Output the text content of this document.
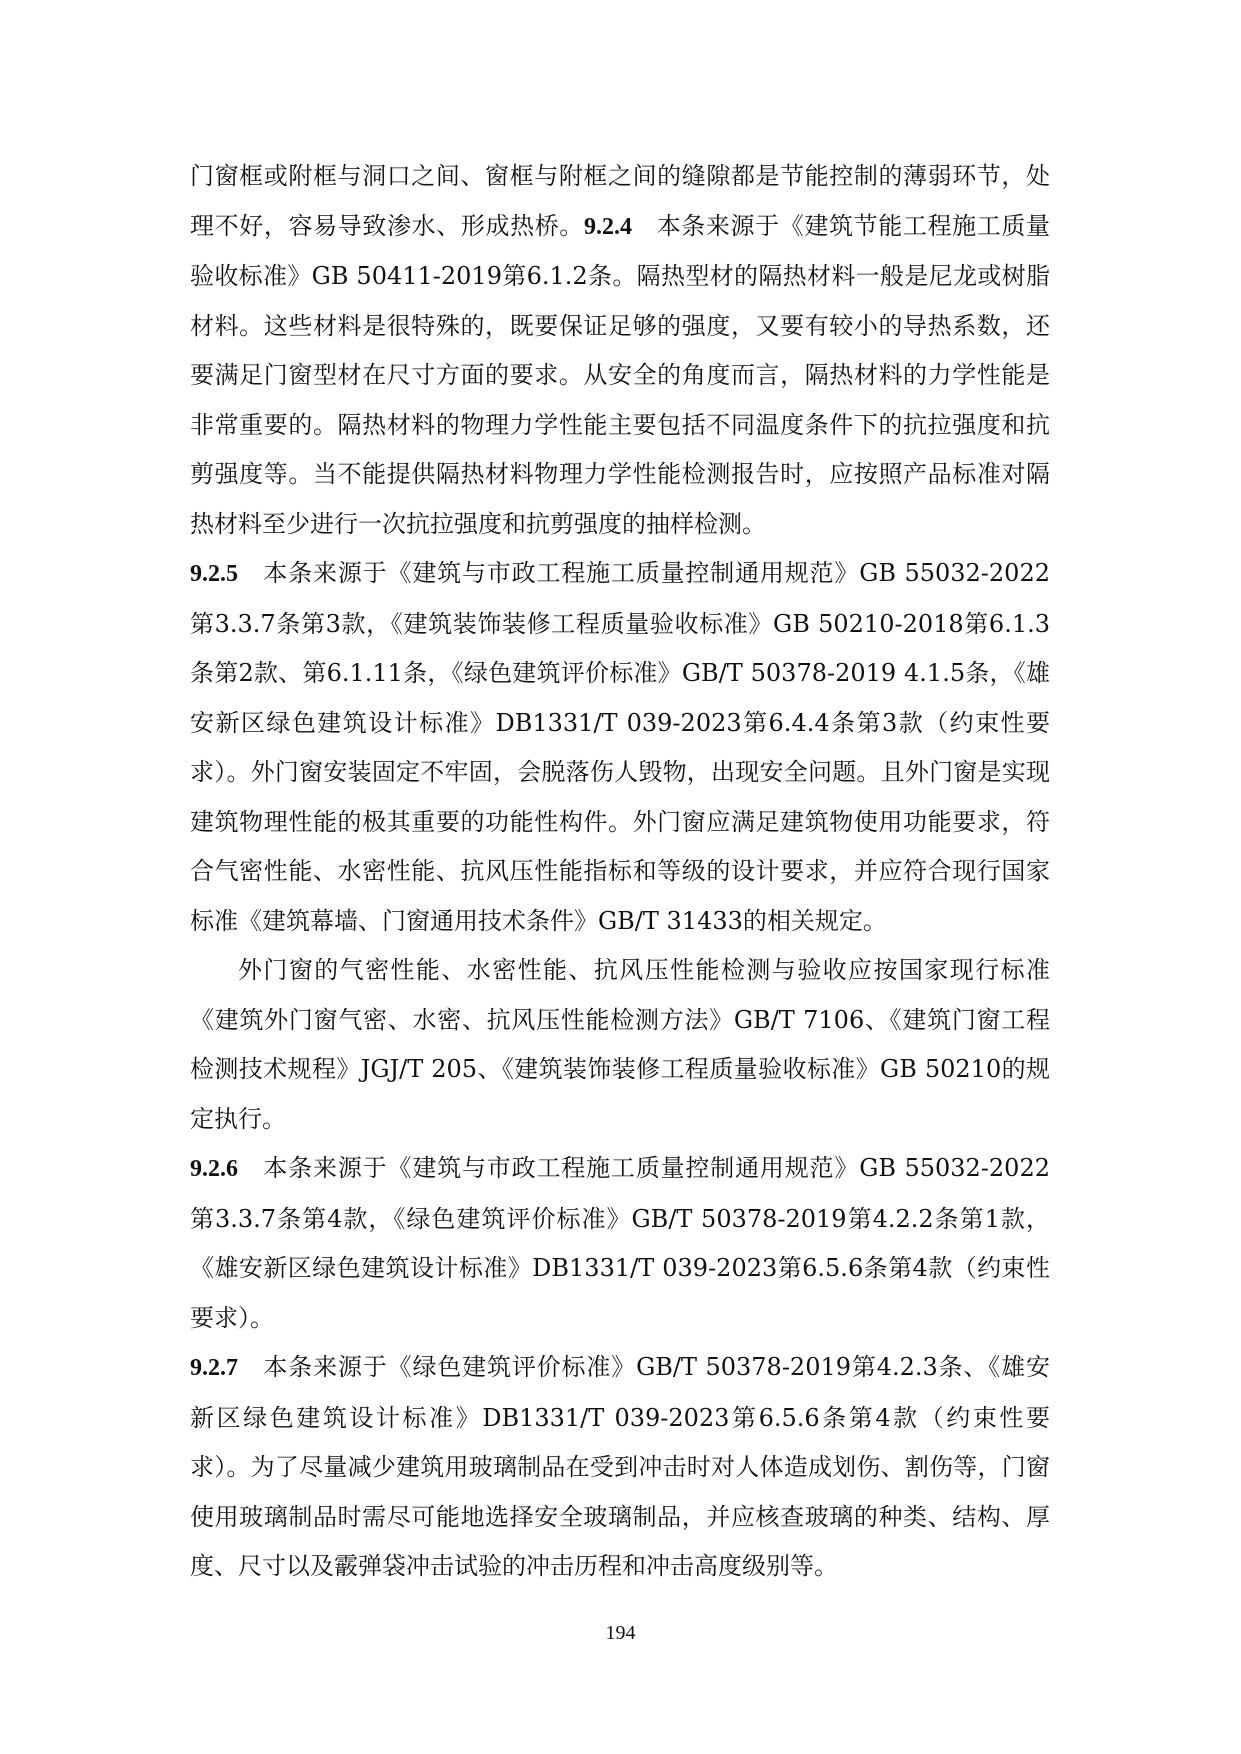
门窗框或附框与洞口之间、窗框与附框之间的缝隙都是节能控制的薄弱环节，处理不好，容易导致渗水、形成热桥。9.2.4 本条来源于《建筑节能工程施工质量验收标准》GB 50411-2019第6.1.2条。隔热型材的隔热材料一般是尼龙或树脂材料。这些材料是很特殊的，既要保证足够的强度，又要有较小的导热系数，还要满足门窗型材在尺寸方面的要求。从安全的角度而言，隔热材料的力学性能是非常重要的。隔热材料的物理力学性能主要包括不同温度条件下的抗拉强度和抗剪强度等。当不能提供隔热材料物理力学性能检测报告时，应按照产品标准对隔热材料至少进行一次抗拉强度和抗剪强度的抽样检测。

9.2.5 本条来源于《建筑与市政工程施工质量控制通用规范》GB 55032-2022第3.3.7条第3款，《建筑装饰装修工程质量验收标准》GB 50210-2018第6.1.3条第2款、第6.1.11条，《绿色建筑评价标准》GB/T 50378-2019 4.1.5条，《雄安新区绿色建筑设计标准》DB1331/T 039-2023第6.4.4条第3款（约束性要求）。外门窗安装固定不牢固，会脱落伤人毁物，出现安全问题。且外门窗是实现建筑物理性能的极其重要的功能性构件。外门窗应满足建筑物使用功能要求，符合气密性能、水密性能、抗风压性能指标和等级的设计要求，并应符合现行国家标准《建筑幕墙、门窗通用技术条件》GB/T 31433的相关规定。

外门窗的气密性能、水密性能、抗风压性能检测与验收应按国家现行标准《建筑外门窗气密、水密、抗风压性能检测方法》GB/T 7106、《建筑门窗工程检测技术规程》JGJ/T 205、《建筑装饰装修工程质量验收标准》GB 50210的规定执行。

9.2.6 本条来源于《建筑与市政工程施工质量控制通用规范》GB 55032-2022第3.3.7条第4款，《绿色建筑评价标准》GB/T 50378-2019第4.2.2条第1款，《雄安新区绿色建筑设计标准》DB1331/T 039-2023第6.5.6条第4款（约束性要求）。

9.2.7 本条来源于《绿色建筑评价标准》GB/T 50378-2019第4.2.3条、《雄安新区绿色建筑设计标准》DB1331/T 039-2023第6.5.6条第4款（约束性要求）。为了尽量减少建筑用玻璃制品在受到冲击时对人体造成划伤、割伤等，门窗使用玻璃制品时需尽可能地选择安全玻璃制品，并应核查玻璃的种类、结构、厚度、尺寸以及霰弹袋冲击试验的冲击历程和冲击高度级别等。

194
